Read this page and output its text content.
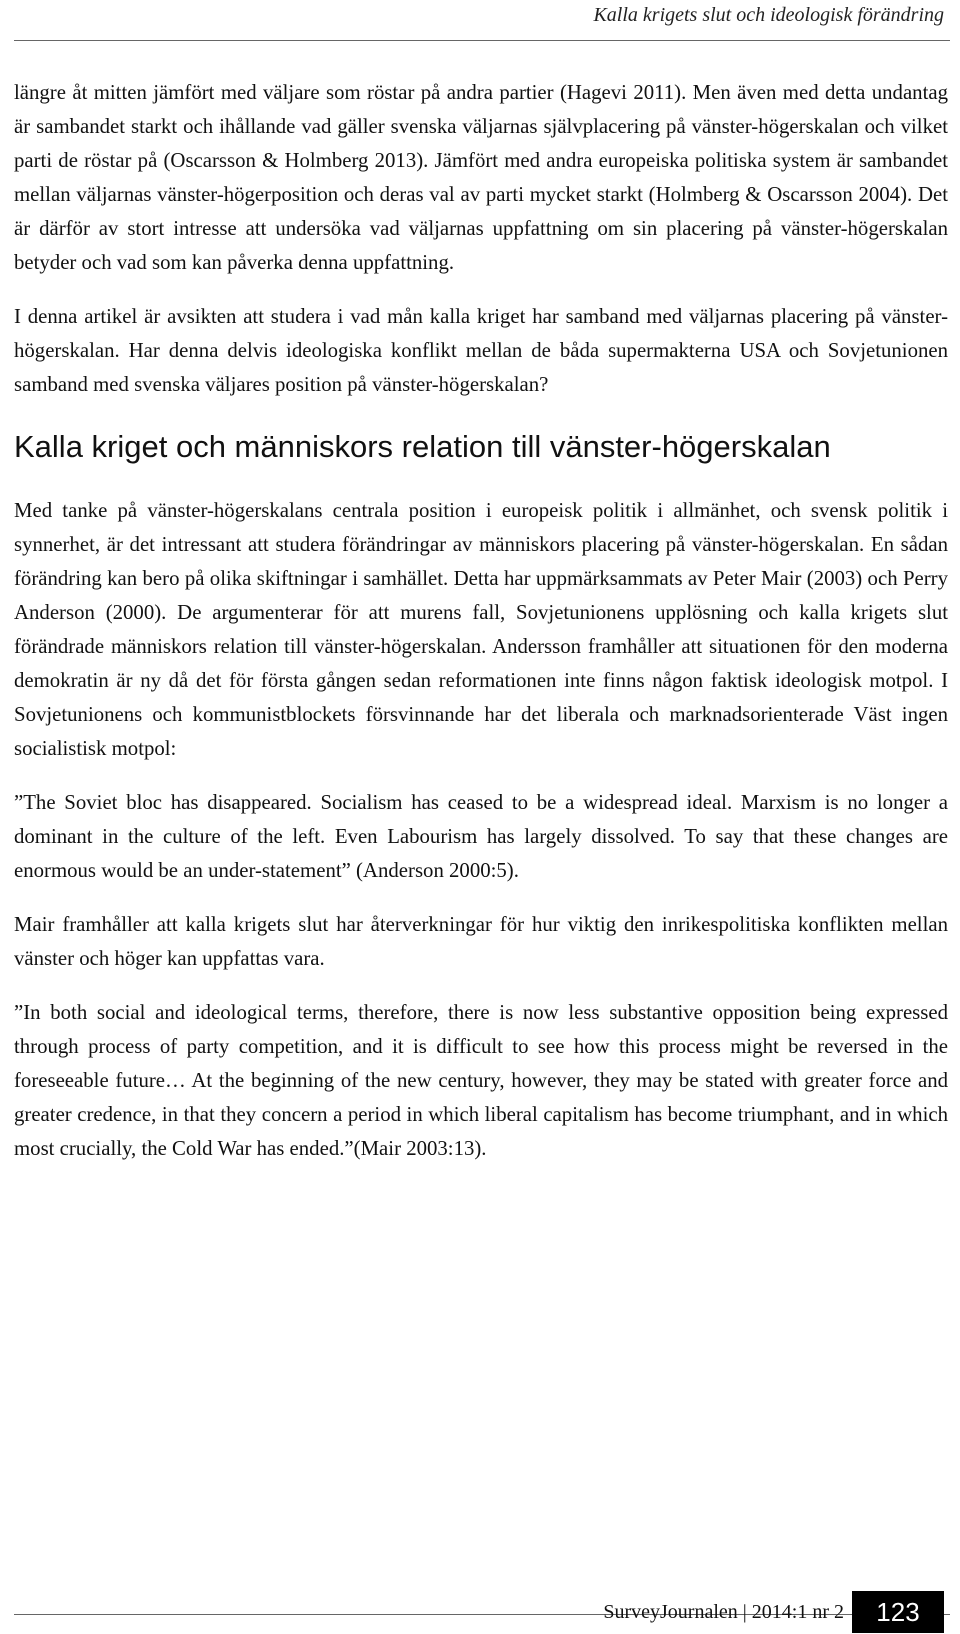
Kalla krigets slut och ideologisk förändring

längre åt mitten jämfört med väljare som röstar på andra partier (Hagevi 2011). Men även med detta undantag är sambandet starkt och ihållande vad gäller svenska väljarnas självplacering på vänster-högerskalan och vilket parti de röstar på (Oscarsson & Holmberg 2013). Jämfört med andra europeiska politiska system är sambandet mellan väljarnas vänster-högerposition och deras val av parti mycket starkt (Holmberg & Oscarsson 2004). Det är därför av stort intresse att undersöka vad väljarnas uppfattning om sin placering på vänster-högerskalan betyder och vad som kan påverka denna uppfattning.

I denna artikel är avsikten att studera i vad mån kalla kriget har samband med väljarnas placering på vänster-högerskalan. Har denna delvis ideologiska konflikt mellan de båda supermakterna USA och Sovjetunionen samband med svenska väljares position på vänster-högerskalan?

Kalla kriget och människors relation till vänster-högerskalan

Med tanke på vänster-högerskalans centrala position i europeisk politik i allmänhet, och svensk politik i synnerhet, är det intressant att studera förändringar av människors placering på vänster-högerskalan. En sådan förändring kan bero på olika skiftningar i samhället. Detta har uppmärksammats av Peter Mair (2003) och Perry Anderson (2000). De argumenterar för att murens fall, Sovjetunionens upplösning och kalla krigets slut förändrade människors relation till vänster-högerskalan. Andersson framhåller att situationen för den moderna demokratin är ny då det för första gången sedan reformationen inte finns någon faktisk ideologisk motpol. I Sovjetunionens och kommunistblockets försvinnande har det liberala och marknadsorienterade Väst ingen socialistisk motpol:

”The Soviet bloc has disappeared. Socialism has ceased to be a widespread ideal. Marxism is no longer a dominant in the culture of the left. Even Labourism has largely dissolved. To say that these changes are enormous would be an under-statement” (Anderson 2000:5).

Mair framhåller att kalla krigets slut har återverkningar för hur viktig den inrikespolitiska konflikten mellan vänster och höger kan uppfattas vara.

”In both social and ideological terms, therefore, there is now less substantive opposition being expressed through process of party competition, and it is difficult to see how this process might be reversed in the foreseeable future… At the beginning of the new century, however, they may be stated with greater force and greater credence, in that they concern a period in which liberal capitalism has become triumphant, and in which most crucially, the Cold War has ended.”(Mair 2003:13).

SurveyJournalen | 2014:1 nr 2	123
